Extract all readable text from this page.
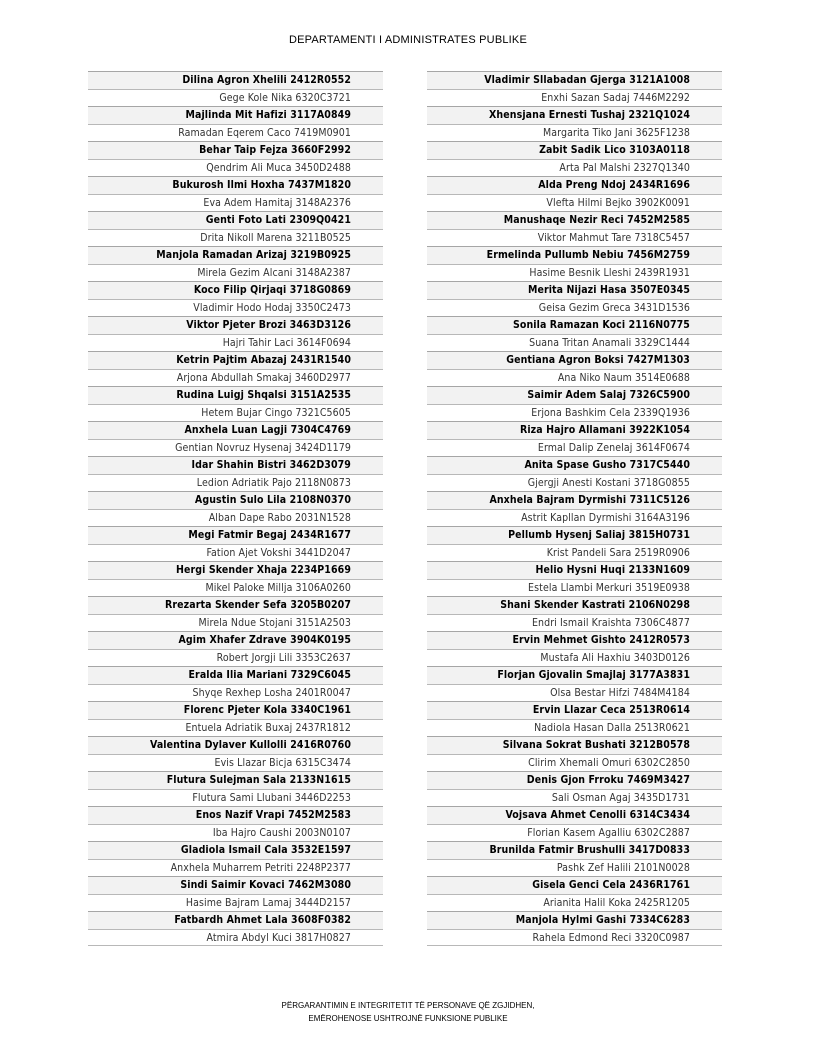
DEPARTAMENTI I ADMINISTRATES PUBLIKE
Dilina Agron Xhelili 2412R0552
Gege Kole Nika 6320C3721
Majlinda Mit Hafizi 3117A0849
Ramadan Eqerem Caco 7419M0901
Behar Taip Fejza 3660F2992
Qendrim Ali Muca 3450D2488
Bukurosh Ilmi Hoxha 7437M1820
Eva Adem Hamitaj 3148A2376
Genti Foto Lati 2309Q0421
Drita Nikoll Marena 3211B0525
Manjola Ramadan Arizaj 3219B0925
Mirela Gezim Alcani 3148A2387
Koco Filip Qirjaqi 3718G0869
Vladimir Hodo Hodaj 3350C2473
Viktor Pjeter Brozi 3463D3126
Hajri Tahir Laci 3614F0694
Ketrin Pajtim Abazaj 2431R1540
Arjona Abdullah Smakaj 3460D2977
Rudina Luigj Shqalsi 3151A2535
Hetem Bujar Cingo 7321C5605
Anxhela Luan Lagji 7304C4769
Gentian Novruz Hysenaj 3424D1179
Idar Shahin Bistri 3462D3079
Ledion Adriatik Pajo 2118N0873
Agustin Sulo Lila 2108N0370
Alban Dape Rabo 2031N1528
Megi Fatmir Begaj 2434R1677
Fation Ajet Vokshi 3441D2047
Hergi Skender Xhaja 2234P1669
Mikel Paloke Millja 3106A0260
Rrezarta Skender Sefa 3205B0207
Mirela Ndue Stojani 3151A2503
Agim Xhafer Zdrave 3904K0195
Robert Jorgji Lili 3353C2637
Eralda Ilia Mariani 7329C6045
Shyqe Rexhep Losha 2401R0047
Florenc Pjeter Kola 3340C1961
Entuela Adriatik Buxaj 2437R1812
Valentina Dylaver Kullolli 2416R0760
Evis Llazar Bicja 6315C3474
Flutura Sulejman Sala 2133N1615
Flutura Sami Llubani 3446D2253
Enos Nazif Vrapi 7452M2583
Iba Hajro Caushi 2003N0107
Gladiola Ismail Cala 3532E1597
Anxhela Muharrem Petriti 2248P2377
Sindi Saimir Kovaci 7462M3080
Hasime Bajram Lamaj 3444D2157
Fatbardh Ahmet Lala 3608F0382
Atmira Abdyl Kuci 3817H0827
Vladimir Sllabadan Gjerga 3121A1008
Enxhi Sazan Sadaj 7446M2292
Xhensjana Ernesti Tushaj 2321Q1024
Margarita Tiko Jani 3625F1238
Zabit Sadik Lico 3103A0118
Arta Pal Malshi 2327Q1340
Alda Preng Ndoj 2434R1696
Vlefta Hilmi Bejko 3902K0091
Manushaqe Nezir Reci 7452M2585
Viktor Mahmut Tare 7318C5457
Ermelinda Pullumb Nebiu 7456M2759
Hasime Besnik Lleshi 2439R1931
Merita Nijazi Hasa 3507E0345
Geisa Gezim Greca 3431D1536
Sonila Ramazan Koci 2116N0775
Suana Tritan Anamali 3329C1444
Gentiana Agron Boksi 7427M1303
Ana Niko Naum 3514E0688
Saimir Adem Salaj 7326C5900
Erjona Bashkim Cela 2339Q1936
Riza Hajro Allamani 3922K1054
Ermal Dalip Zenelaj 3614F0674
Anita Spase Gusho 7317C5440
Gjergji Anesti Kostani 3718G0855
Anxhela Bajram Dyrmishi 7311C5126
Astrit Kapllan Dyrmishi 3164A3196
Pellumb Hysenj Saliaj 3815H0731
Krist Pandeli Sara 2519R0906
Helio Hysni Huqi 2133N1609
Estela Llambi Merkuri 3519E0938
Shani Skender Kastrati 2106N0298
Endri Ismail Kraishta 7306C4877
Ervin Mehmet Gishto 2412R0573
Mustafa Ali Haxhiu 3403D0126
Florjan Gjovalin Smajlaj 3177A3831
Olsa Bestar Hifzi 7484M4184
Ervin Llazar Ceca 2513R0614
Nadiola Hasan Dalla 2513R0621
Silvana Sokrat Bushati 3212B0578
Clirim Xhemali Omuri 6302C2850
Denis Gjon Frroku 7469M3427
Sali Osman Agaj 3435D1731
Vojsava Ahmet Cenolli 6314C3434
Florian Kasem Agalliu 6302C2887
Brunilda Fatmir Brushulli 3417D0833
Pashk Zef Halili 2101N0028
Gisela Genci Cela 2436R1761
Arianita Halil Koka 2425R1205
Manjola Hylmi Gashi 7334C6283
Rahela Edmond Reci 3320C0987
PËRGARANTIMIN E INTEGRITETIT TË PERSONAVE QË ZGJIDHEN,
EMËROHENOSE USHTROJNË FUNKSIONE PUBLIKE
